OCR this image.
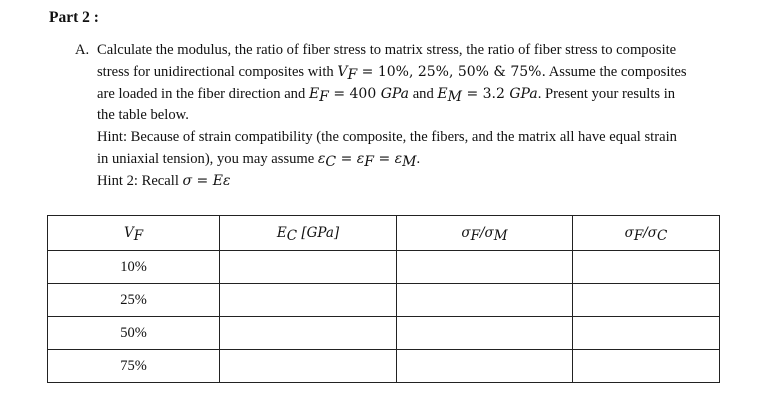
Part 2 :
A. Calculate the modulus, the ratio of fiber stress to matrix stress, the ratio of fiber stress to composite
stress for unidirectional composites with $V_F = 10\%$, 25%, 50% & 75%. Assume the composites
are loaded in the fiber direction and $E_F = 400$ GPa and $E_M = 3.2$ GPa. Present your results in
the table below.
Hint: Because of strain compatibility (the composite, the fibers, and the matrix all have equal strain
in uniaxial tension), you may assume $\varepsilon_C = \varepsilon_F = \varepsilon_M$.
Hint 2: Recall σ = Eε
$V_F$	$E_C$ [GPa]	$\sigma_F/\sigma_M$	$\sigma_F/\sigma_C$
10%			
25%			
50%			
75%			
